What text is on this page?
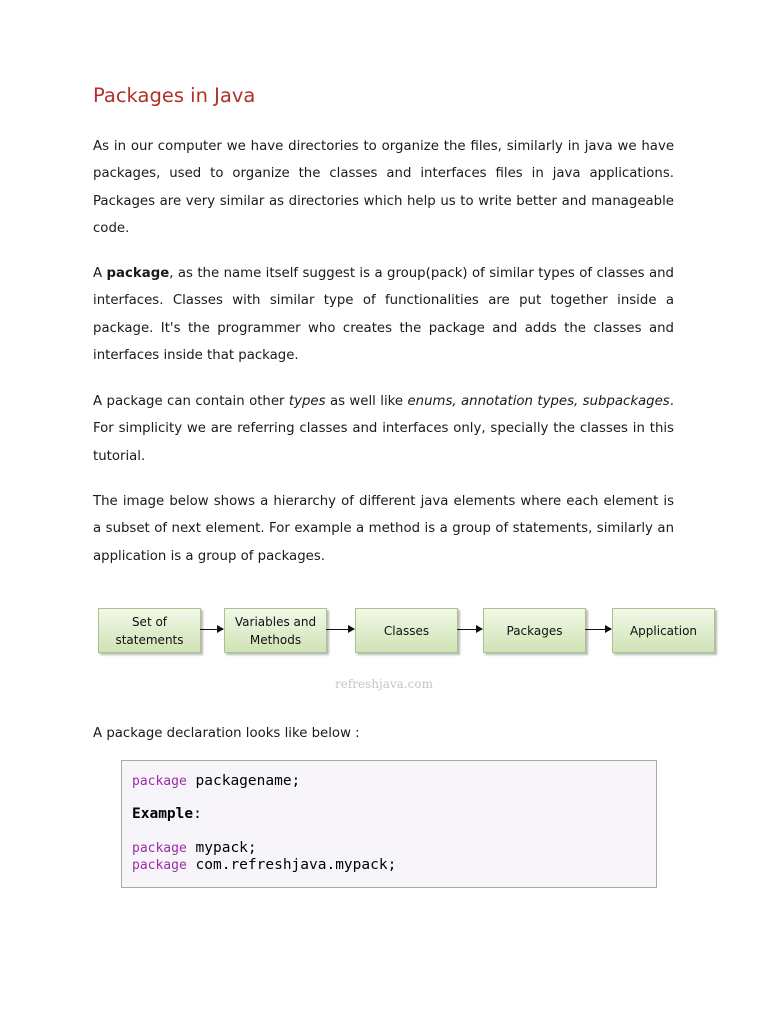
Packages in Java

As in our computer we have directories to organize the files, similarly in java we have packages, used to organize the classes and interfaces files in java applications. Packages are very similar as directories which help us to write better and manageable code.

A package, as the name itself suggest is a group(pack) of similar types of classes and interfaces. Classes with similar type of functionalities are put together inside a package. It's the programmer who creates the package and adds the classes and interfaces inside that package.

A package can contain other types as well like enums, annotation types, subpackages. For simplicity we are referring classes and interfaces only, specially the classes in this tutorial.

The image below shows a hierarchy of different java elements where each element is a subset of next element. For example a method is a group of statements, similarly an application is a group of packages.

Set of
statements
Variables and
Methods
Classes	Packages	Application
refreshjava.com

A package declaration looks like below :

package packagename;
Example:
package mypack;
package com.refreshjava.mypack;
